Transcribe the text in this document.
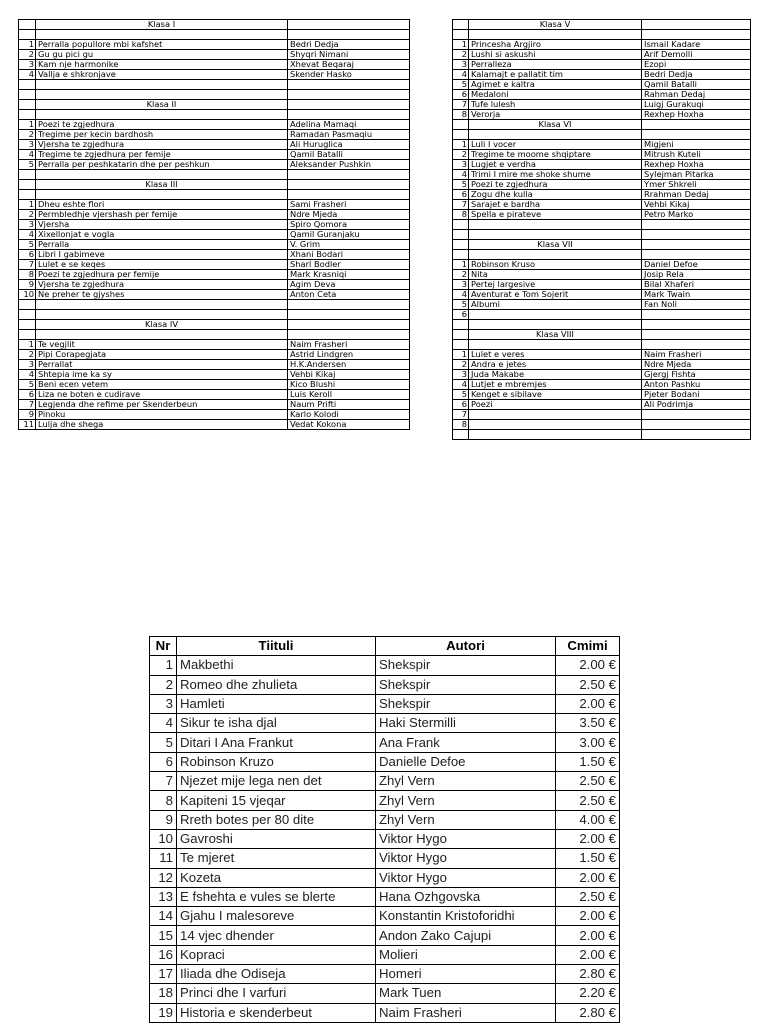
	Klasa I	

1	Perralla popullore mbi kafshet	Bedri Dedja
2	Gu gu pici gu	Shyqri Nimani
3	Kam nje harmonike	Xhevat Beqaraj
4	Vallja e shkronjave	Skender Hasko

	Klasa II	

1	Poezi te zgjedhura	Adelina Mamaqi
2	Tregime per kecin bardhosh	Ramadan Pasmaqiu
3	Vjersha te zgjedhura	Ali Huruglica
4	Tregime te zgjedhura per femije	Qamil Batalli
5	Perralla per peshkatarin dhe per peshkun	Aleksander Pushkin

	Klasa III	

1	Dheu eshte flori	Sami Frasheri
2	Permbledhje vjershash per femije	Ndre Mjeda
3	Vjersha	Spiro Qomora
4	Xixellonjat e vogla	Qamil Guranjaku
5	Perralla	V. Grim
6	Libri I gabimeve	Xhani Bodari
7	Lulet e se keqes	Sharl Bodler
8	Poezi te zgjedhura per femije	Mark Krasniqi
9	Vjersha te zgjedhura	Agim Deva
10	Ne preher te gjyshes	Anton Ceta

	Klasa IV	

1	Te vegjlit	Naim Frasheri
2	Pipi Corapegjata	Astrid Lindgren
3	Perrallat	H.K.Andersen
4	Shtepia ime ka sy	Vehbi Kikaj
5	Beni ecen vetem	Kico Blushi
6	Liza ne boten e cudirave	Luis Keroll
7	Legjenda dhe refime per Skenderbeun	Naum Prifti
9	Pinoku	Karlo Kolodi
11	Lulja dhe shega	Vedat Kokona
	Klasa V	

1	Princesha Argjiro	Ismail Kadare
2	Lushi si askushi	Arif Demolli
3	Perralleza	Ezopi
4	Kalamajt e pallatit tim	Bedri Dedja
5	Agimet e kaltra	Qamil Batalli
6	Medaloni	Rahman Dedaj
7	Tufe lulesh	Luigj Gurakuqi
8	Verorja	Rexhep Hoxha
	Klasa VI	

1	Luli I vocer	Migjeni
2	Tregime te moome shqiptare	Mitrush Kuteli
3	Lugjet e verdha	Rexhep Hoxha
4	Trimi I mire me shoke shume	Sylejman Pitarka
5	Poezi te zgjedhura	Ymer Shkreli
6	Zogu dhe kulla	Rrahman Dedaj
7	Sarajet e bardha	Vehbi Kikaj
8	Spella e pirateve	Petro Marko

	Klasa VII	

1	Robinson Kruso	Daniel Defoe
2	Nita	Josip Rela
3	Pertej largesive	Bilal Xhaferi
4	Aventurat e Tom Sojerit	Mark Twain
5	Albumi	Fan Noli
6		

	Klasa VIII	

1	Lulet e veres	Naim Frasheri
2	Andra e jetes	Ndre Mjeda
3	Juda Makabe	Gjergj Fishta
4	Lutjet e mbremjes	Anton Pashku
5	Kenget e sibilave	Pjeter Bodani
6	Poezi	Ali Podrimja
7		
8		

Nr	Tiituli	Autori	Cmimi
1	Makbethi	Shekspir	2.00 €
2	Romeo dhe zhulieta	Shekspir	2.50 €
3	Hamleti	Shekspir	2.00 €
4	Sikur te isha djal	Haki Stermilli	3.50 €
5	Ditari I Ana Frankut	Ana Frank	3.00 €
6	Robinson Kruzo	Danielle Defoe	1.50 €
7	Njezet mije lega nen det	Zhyl Vern	2.50 €
8	Kapiteni 15 vjeqar	Zhyl Vern	2.50 €
9	Rreth botes per 80 dite	Zhyl Vern	4.00 €
10	Gavroshi	Viktor Hygo	2.00 €
11	Te mjeret	Viktor Hygo	1.50 €
12	Kozeta	Viktor Hygo	2.00 €
13	E fshehta e vules se blerte	Hana Ozhgovska	2.50 €
14	Gjahu I malesoreve	Konstantin Kristoforidhi	2.00 €
15	14 vjec dhender	Andon Zako Cajupi	2.00 €
16	Kopraci	Molieri	2.00 €
17	Iliada dhe Odiseja	Homeri	2.80 €
18	Princi dhe I varfuri	Mark Tuen	2.20 €
19	Historia e skenderbeut	Naim Frasheri	2.80 €
